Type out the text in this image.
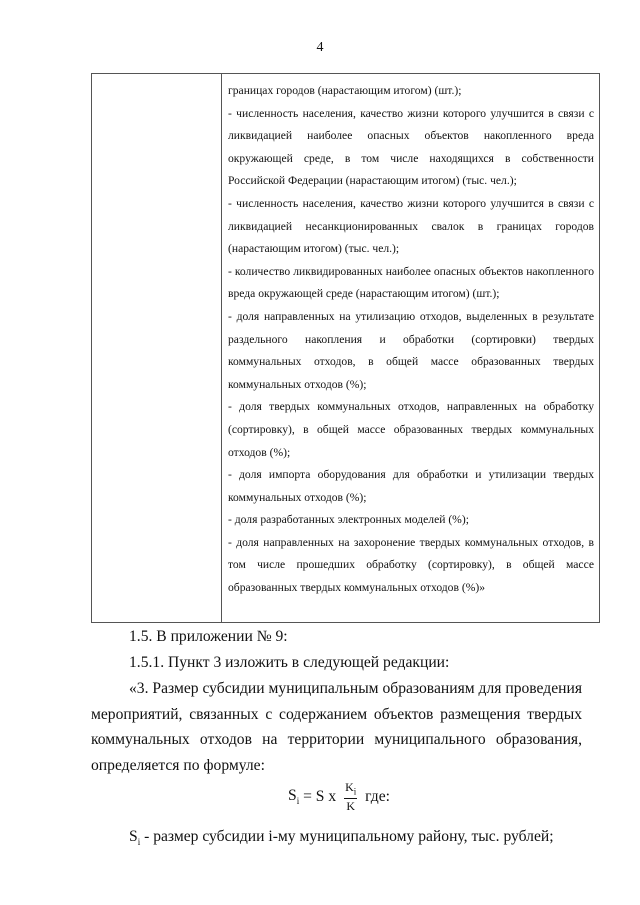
4

границах городов (нарастающим итогом) (шт.);

- численность населения, качество жизни которого улучшится в связи с ликвидацией наиболее опасных объектов накопленного вреда окружающей среде, в том числе находящихся в собственности Российской Федерации (нарастающим итогом) (тыс. чел.);

- численность населения, качество жизни которого улучшится в связи с ликвидацией несанкционированных свалок в границах городов (нарастающим итогом) (тыс. чел.);

- количество ликвидированных наиболее опасных объектов накопленного вреда окружающей среде (нарастающим итогом) (шт.);

- доля направленных на утилизацию отходов, выделенных в результате раздельного накопления и обработки (сортировки) твердых коммунальных отходов, в общей массе образованных твердых коммунальных отходов (%);

- доля твердых коммунальных отходов, направленных на обработку (сортировку), в общей массе образованных твердых коммунальных отходов (%);

- доля импорта оборудования для обработки и утилизации твердых коммунальных отходов (%);

- доля разработанных электронных моделей (%);

- доля направленных на захоронение твердых коммунальных отходов, в том числе прошедших обработку (сортировку), в общей массе образованных твердых коммунальных отходов (%)»

1.5. В приложении № 9:

1.5.1. Пункт 3 изложить в следующей редакции:

«3. Размер субсидии муниципальным образованиям для проведения мероприятий, связанных с содержанием объектов размещения твердых коммунальных отходов на территории муниципального образования, определяется по формуле:

$S_i = S$ x $\frac{K_i}{K}$ где:

$S_i$ - размер субсидии i-му муниципальному району, тыс. рублей;
